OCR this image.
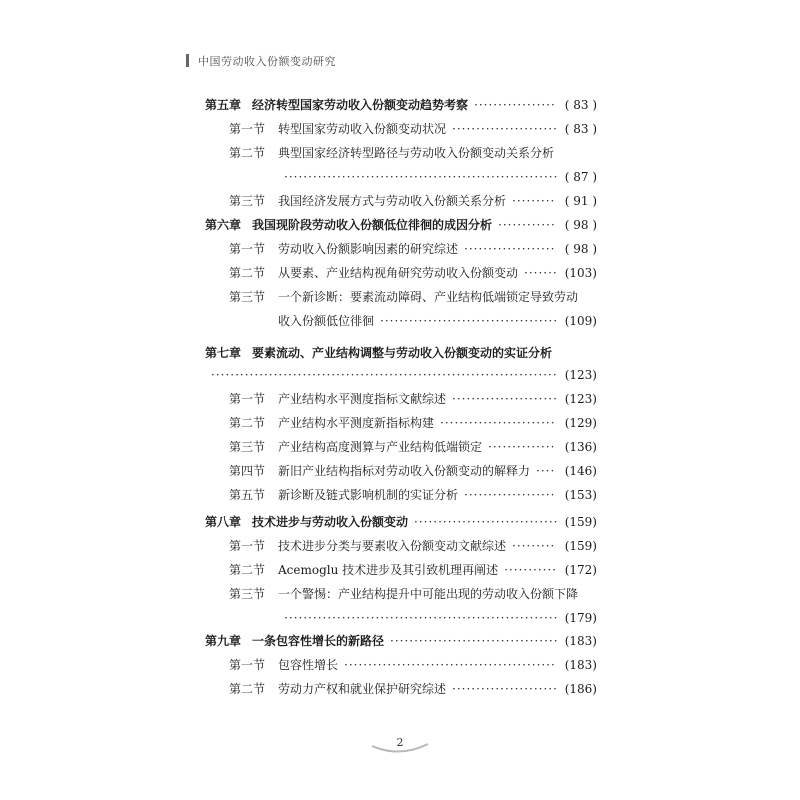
中国劳动收入份额变动研究
第五章 经济转型国家劳动收入份额变动趋势考察 ················· ( 83 )
第一节 转型国家劳动收入份额变动状况 ······················ ( 83 )
第二节 典型国家经济转型路径与劳动收入份额变动关系分析
························································· ( 87 )
第三节 我国经济发展方式与劳动收入份额关系分析 ········· ( 91 )
第六章 我国现阶段劳动收入份额低位徘徊的成因分析 ············ ( 98 )
第一节 劳动收入份额影响因素的研究综述 ··················· ( 98 )
第二节 从要素、产业结构视角研究劳动收入份额变动 ······· (103)
第三节 一个新诊断：要素流动障碍、产业结构低端锁定导致劳动
收入份额低位徘徊 ····································· (109)
第七章 要素流动、产业结构调整与劳动收入份额变动的实证分析
········································································ (123)
第一节 产业结构水平测度指标文献综述 ······················ (123)
第二节 产业结构水平测度新指标构建 ························ (129)
第三节 产业结构高度测算与产业结构低端锁定 ·············· (136)
第四节 新旧产业结构指标对劳动收入份额变动的解释力 ···· (146)
第五节 新诊断及链式影响机制的实证分析 ··················· (153)
第八章 技术进步与劳动收入份额变动 ······························ (159)
第一节 技术进步分类与要素收入份额变动文献综述 ········· (159)
第二节 Acemoglu 技术进步及其引致机理再阐述 ··········· (172)
第三节 一个警惕：产业结构提升中可能出现的劳动收入份额下降
························································· (179)
第九章 一条包容性增长的新路径 ··································· (183)
第一节 包容性增长 ············································ (183)
第二节 劳动力产权和就业保护研究综述 ······················ (186)
2
